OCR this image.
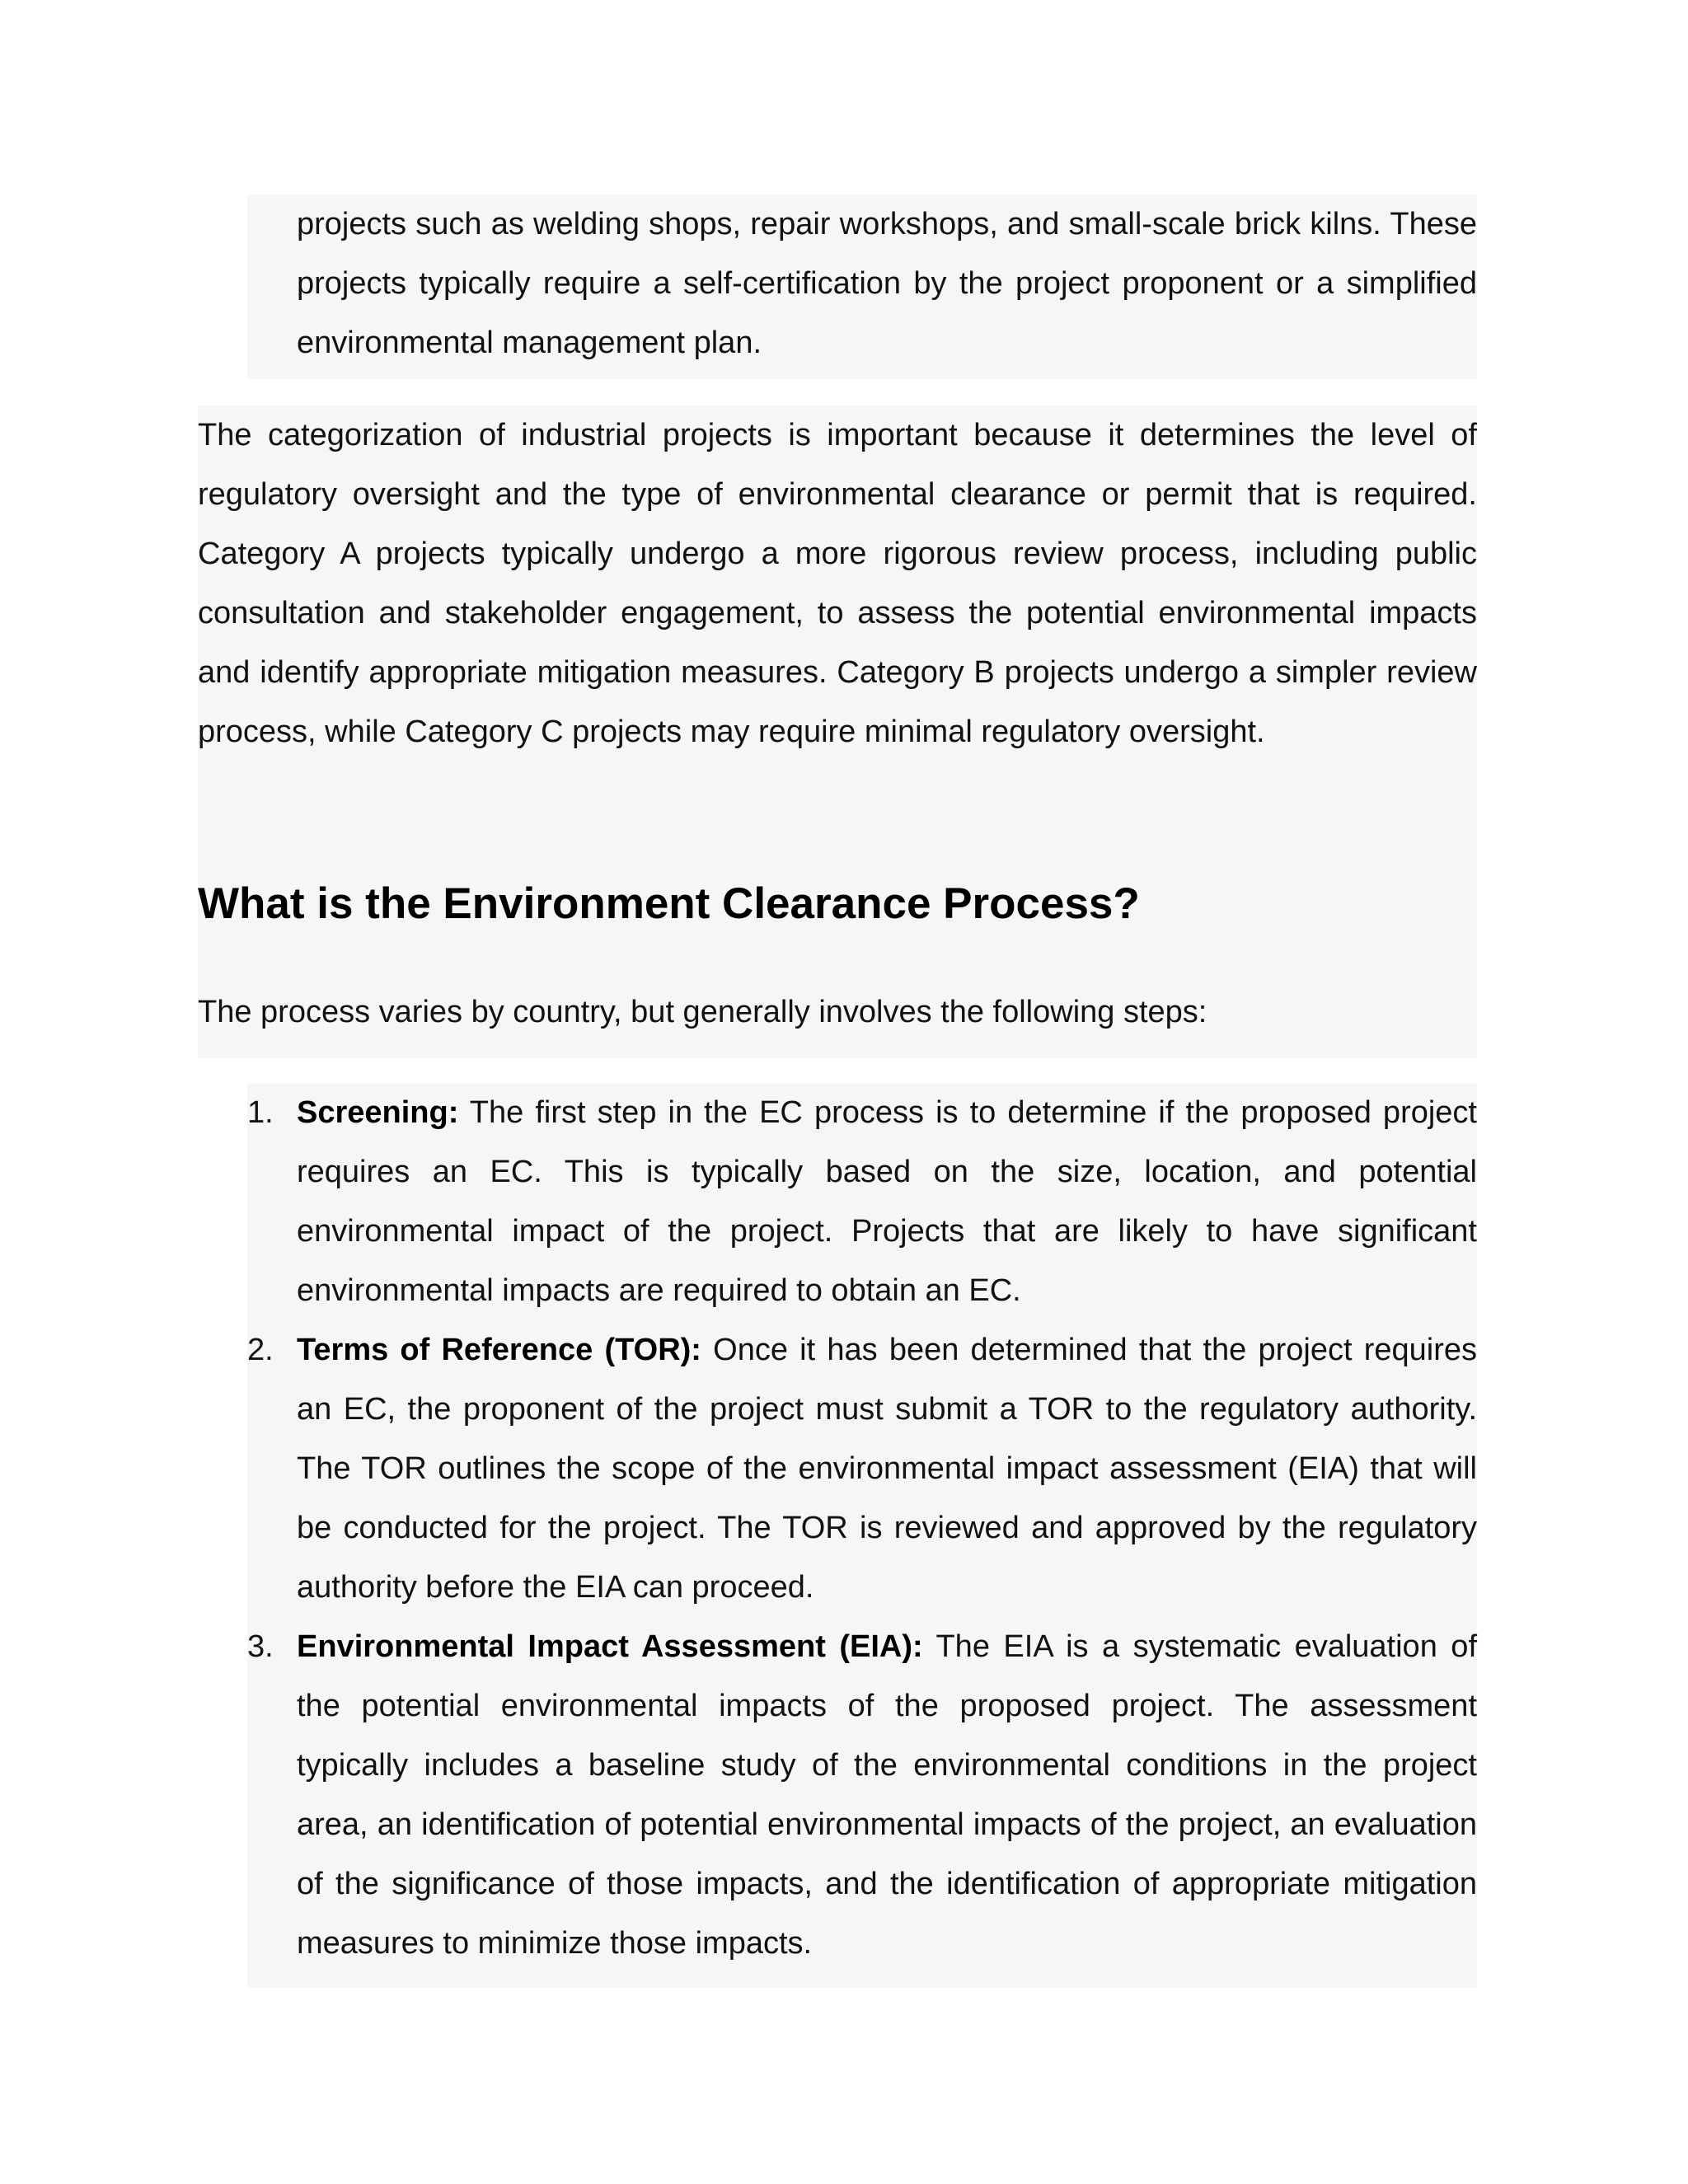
projects such as welding shops, repair workshops, and small-scale brick kilns. These projects typically require a self-certification by the project proponent or a simplified environmental management plan.

The categorization of industrial projects is important because it determines the level of regulatory oversight and the type of environmental clearance or permit that is required. Category A projects typically undergo a more rigorous review process, including public consultation and stakeholder engagement, to assess the potential environmental impacts and identify appropriate mitigation measures. Category B projects undergo a simpler review process, while Category C projects may require minimal regulatory oversight.

What is the Environment Clearance Process?

The process varies by country, but generally involves the following steps:

1. Screening: The first step in the EC process is to determine if the proposed project requires an EC. This is typically based on the size, location, and potential environmental impact of the project. Projects that are likely to have significant environmental impacts are required to obtain an EC.
2. Terms of Reference (TOR): Once it has been determined that the project requires an EC, the proponent of the project must submit a TOR to the regulatory authority. The TOR outlines the scope of the environmental impact assessment (EIA) that will be conducted for the project. The TOR is reviewed and approved by the regulatory authority before the EIA can proceed.
3. Environmental Impact Assessment (EIA): The EIA is a systematic evaluation of the potential environmental impacts of the proposed project. The assessment typically includes a baseline study of the environmental conditions in the project area, an identification of potential environmental impacts of the project, an evaluation of the significance of those impacts, and the identification of appropriate mitigation measures to minimize those impacts.
